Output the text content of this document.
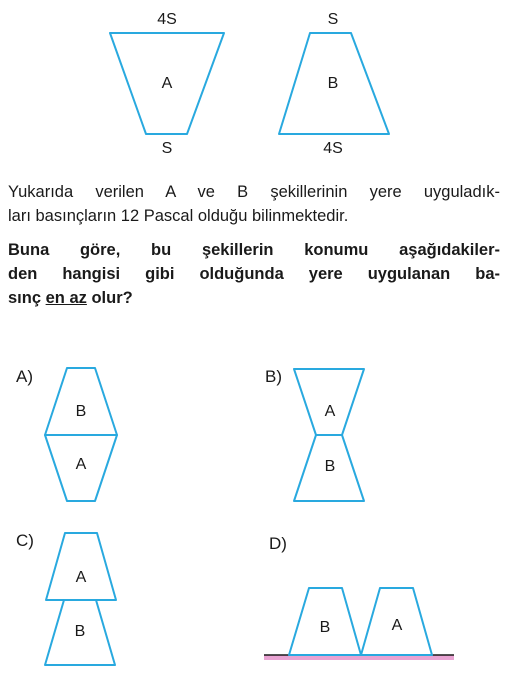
4S
A
S
S
B
4S
A)
B
A
B)
A
B
C)
A
B
D)
B	A
Yukarıda verilen A ve B şekillerinin yere uyguladık-
ları basınçların 12 Pascal olduğu bilinmektedir.
Buna göre, bu şekillerin konumu aşağıdakiler-
den hangisi gibi olduğunda yere uygulanan ba-
sınç en az olur?
